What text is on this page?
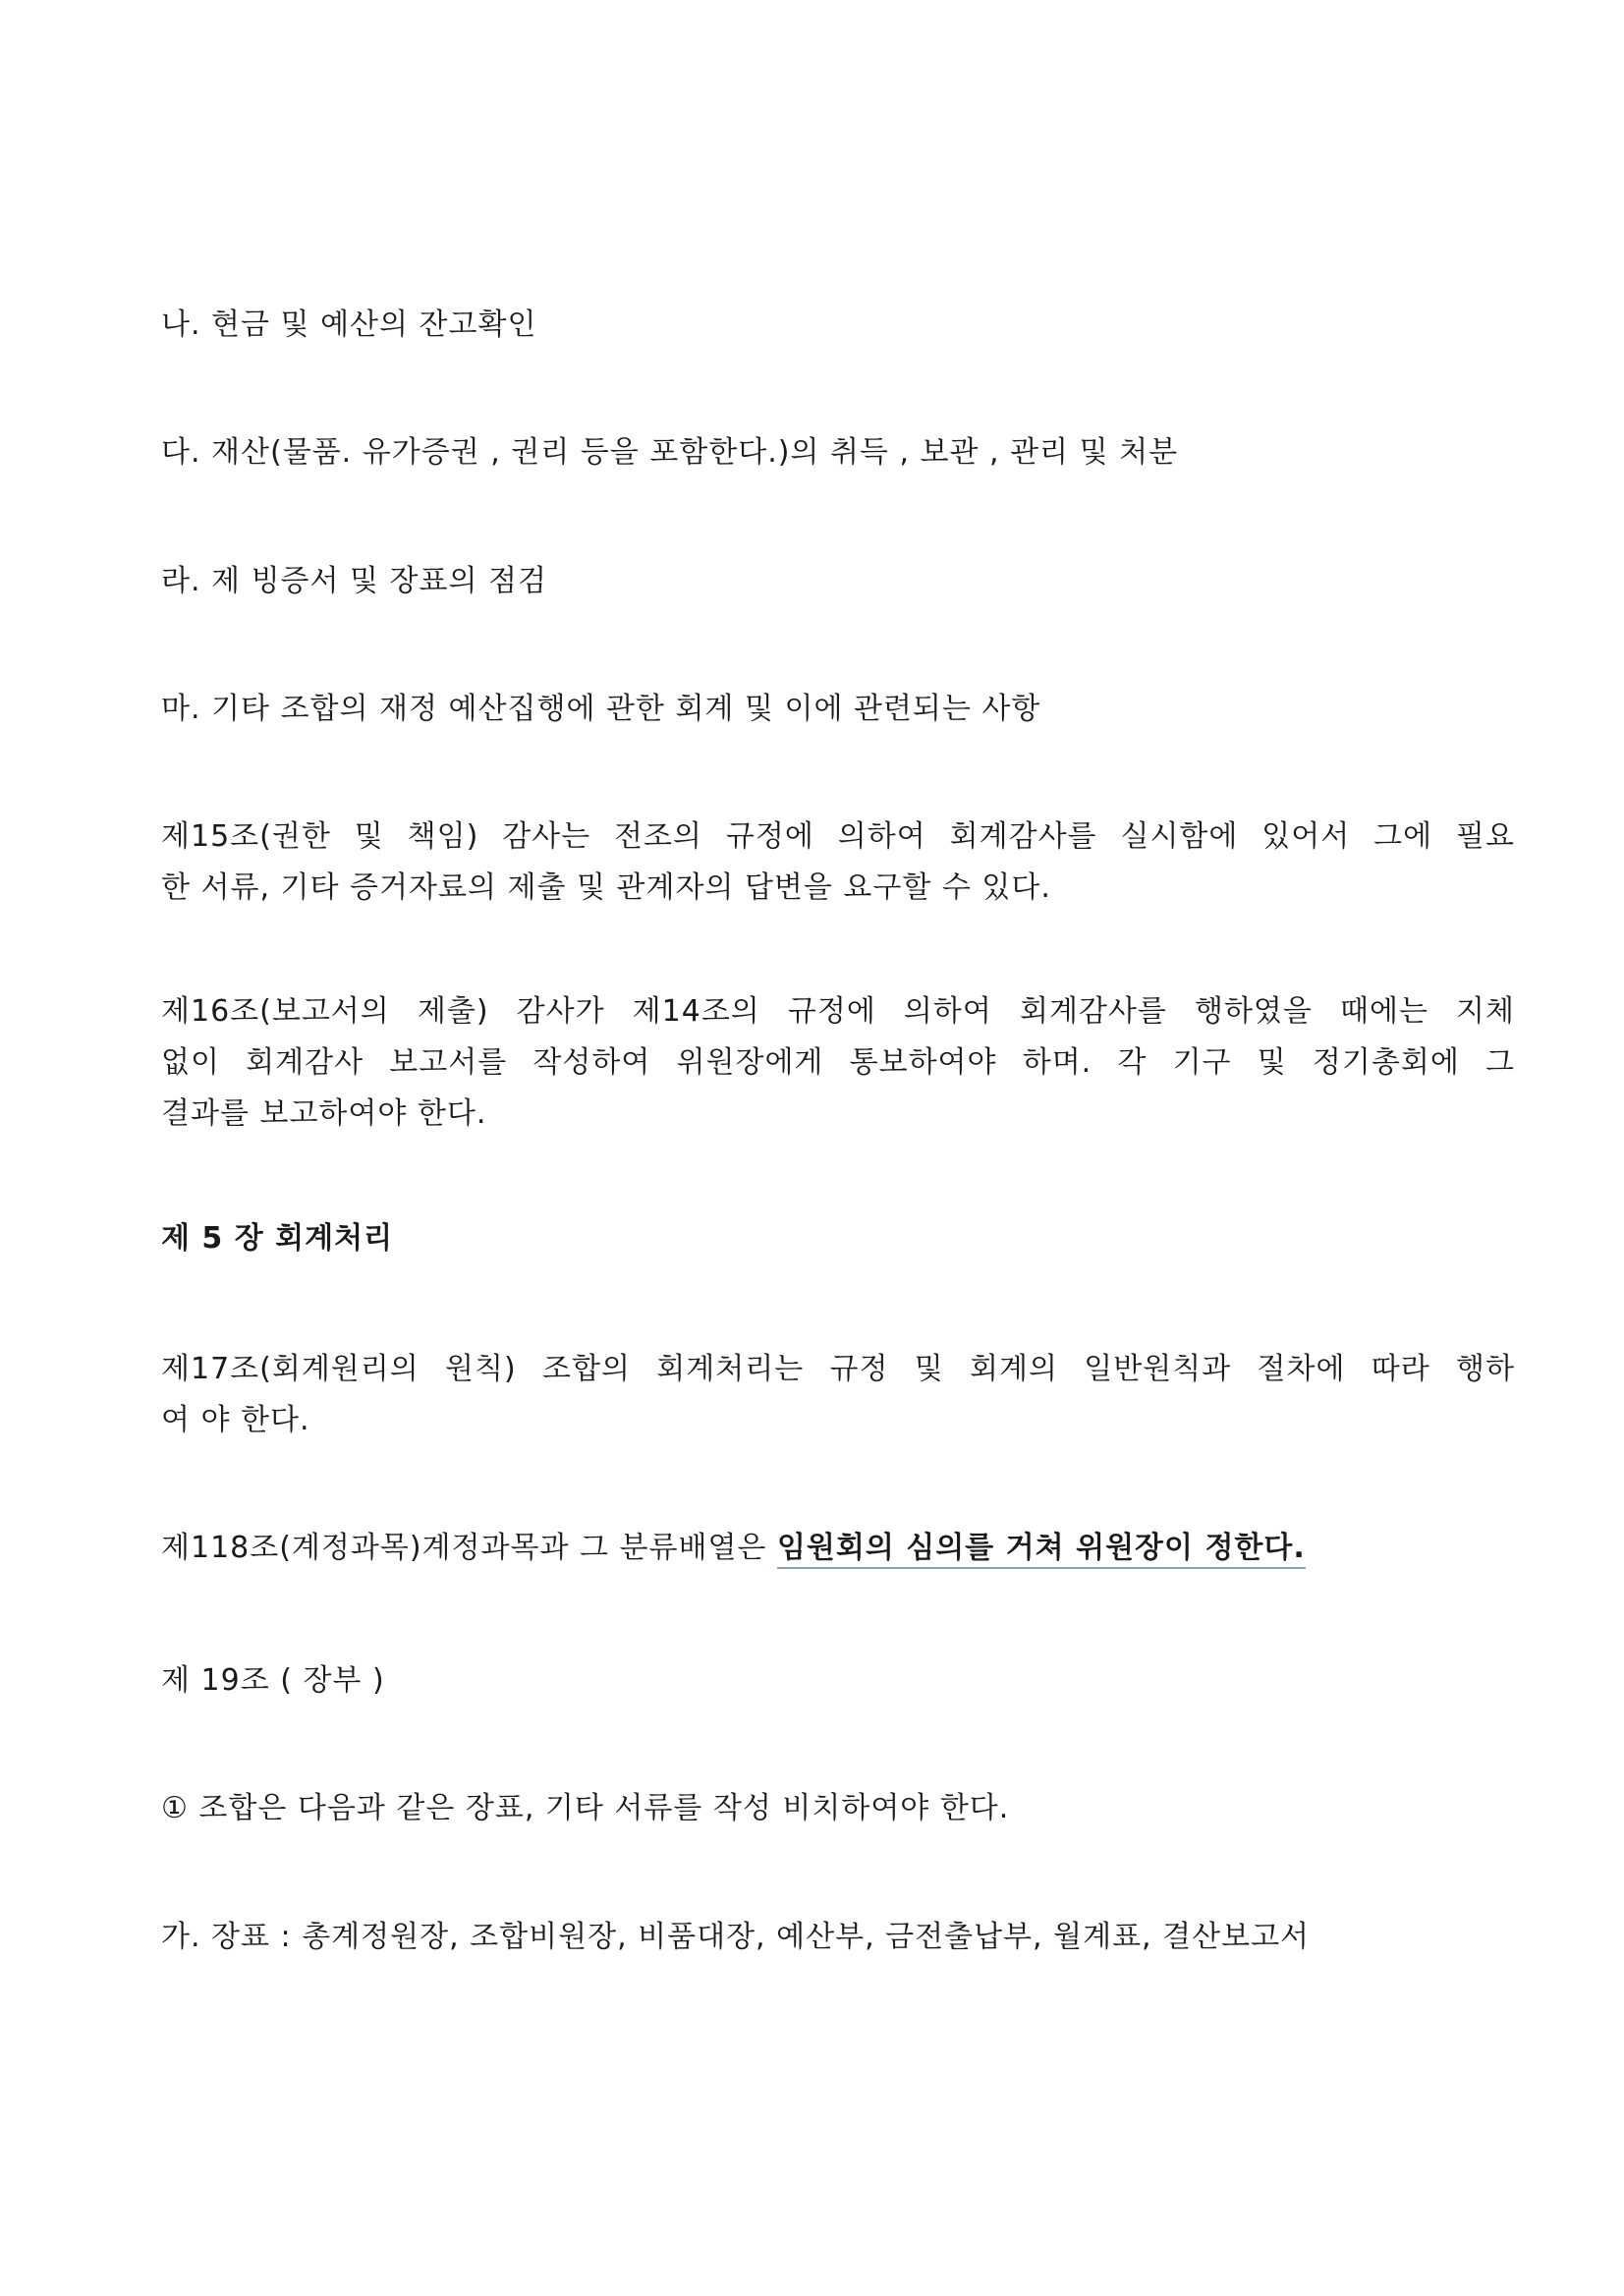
나. 현금 및 예산의 잔고확인
다. 재산(물품. 유가증권 , 권리 등을 포함한다.)의 취득 , 보관 , 관리 및 처분
라. 제 빙증서 및 장표의 점검
마. 기타 조합의 재정 예산집행에 관한 회계 및 이에 관련되는 사항
제15조(권한 및 책임) 감사는 전조의 규정에 의하여 회계감사를 실시함에 있어서 그에 필요
한 서류, 기타 증거자료의 제출 및 관계자의 답변을 요구할 수 있다.
제16조(보고서의 제출) 감사가 제14조의 규정에 의하여 회계감사를 행하였을 때에는 지체
없이 회계감사 보고서를 작성하여 위원장에게 통보하여야 하며. 각 기구 및 정기총회에 그
결과를 보고하여야 한다.
제 5 장 회계처리
제17조(회계원리의 원칙) 조합의 회계처리는 규정 및 회계의 일반원칙과 절차에 따라 행하
여 야 한다.
제118조(계정과목)계정과목과 그 분류배열은 임원회의 심의를 거쳐 위원장이 정한다.
제 19조 ( 장부 )
① 조합은 다음과 같은 장표, 기타 서류를 작성 비치하여야 한다.
가. 장표 : 총계정원장, 조합비원장, 비품대장, 예산부, 금전출납부, 월계표, 결산보고서
